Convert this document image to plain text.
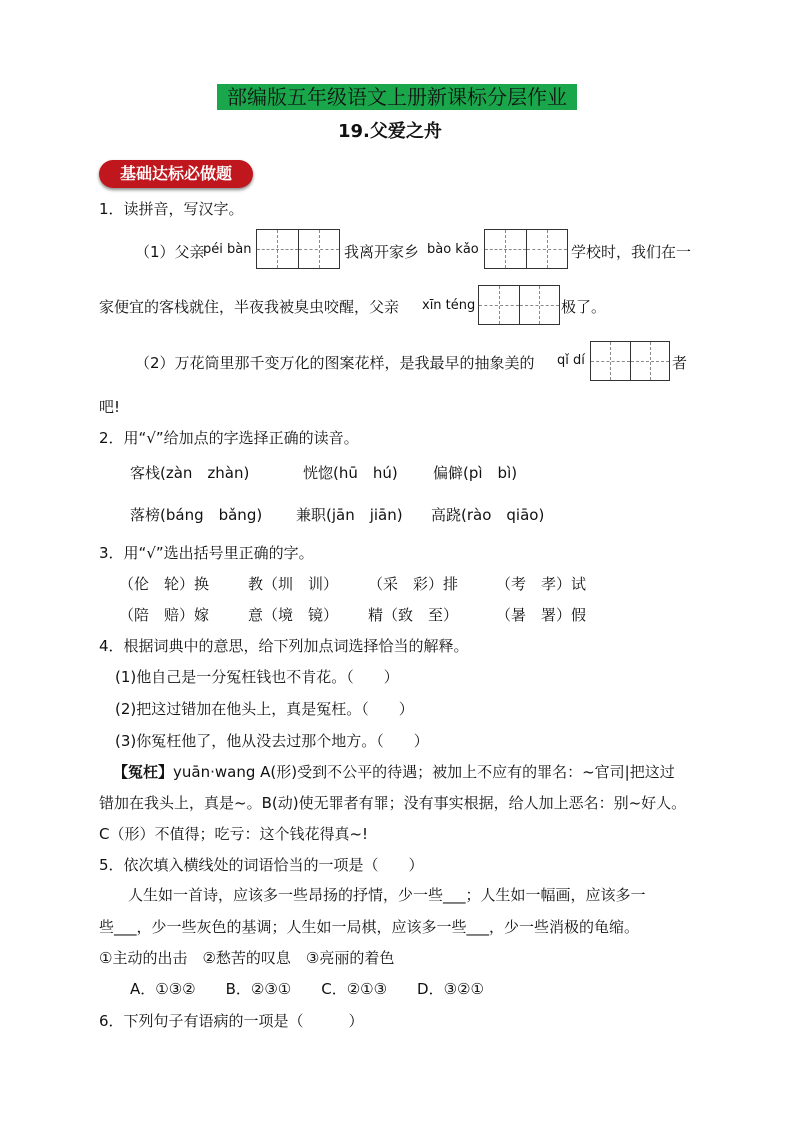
部编版五年级语文上册新课标分层作业
19.父爱之舟
基础达标必做题
1．读拼音，写汉字。
（1）父亲
péi bàn	我离开家乡 bào kǎo	学校时，我们在一
家便宜的客栈就住，半夜我被臭虫咬醒，父亲 xīn téng	极了。
（2）万花筒里那千变万化的图案花样，是我最早的抽象美的 qǐ dí	者
吧!
2．用“√”给加点的字选择正确的读音。
客栈(zàn　zhàn)	恍惚(hū　hú) 偏僻(pì　bì)
落榜(báng　bǎng) 兼职(jān　jiān) 高跷(rào　qiāo)
3．用“√”选出括号里正确的字。
（伦　轮）换	教（圳　训） （采　彩）排	（考　孝）试
（陪　赔）嫁	意（境　镜） 精（致　至）	（暑　署）假
4．根据词典中的意思，给下列加点词选择恰当的解释。
(1)他自己是一分冤枉钱也不肯花。（　　）
(2)把这过错加在他头上，真是冤枉。（　　）
(3)你冤枉他了，他从没去过那个地方。（　　）
【冤枉】yuān·wang A(形)受到不公平的待遇；被加上不应有的罪名：~官司|把这过
错加在我头上，真是~。B(动)使无罪者有罪；没有事实根据，给人加上恶名：别~好人。
C（形）不值得；吃亏：这个钱花得真~!
5．依次填入横线处的词语恰当的一项是（　　）
人生如一首诗，应该多一些昂扬的抒情，少一些___；人生如一幅画，应该多一
些___，少一些灰色的基调；人生如一局棋，应该多一些___，少一些消极的龟缩。
①主动的出击　②愁苦的叹息　③亮丽的着色
A．①③②　　B．②③①　　C．②①③　　D．③②①
6．下列句子有语病的一项是（　　　）
